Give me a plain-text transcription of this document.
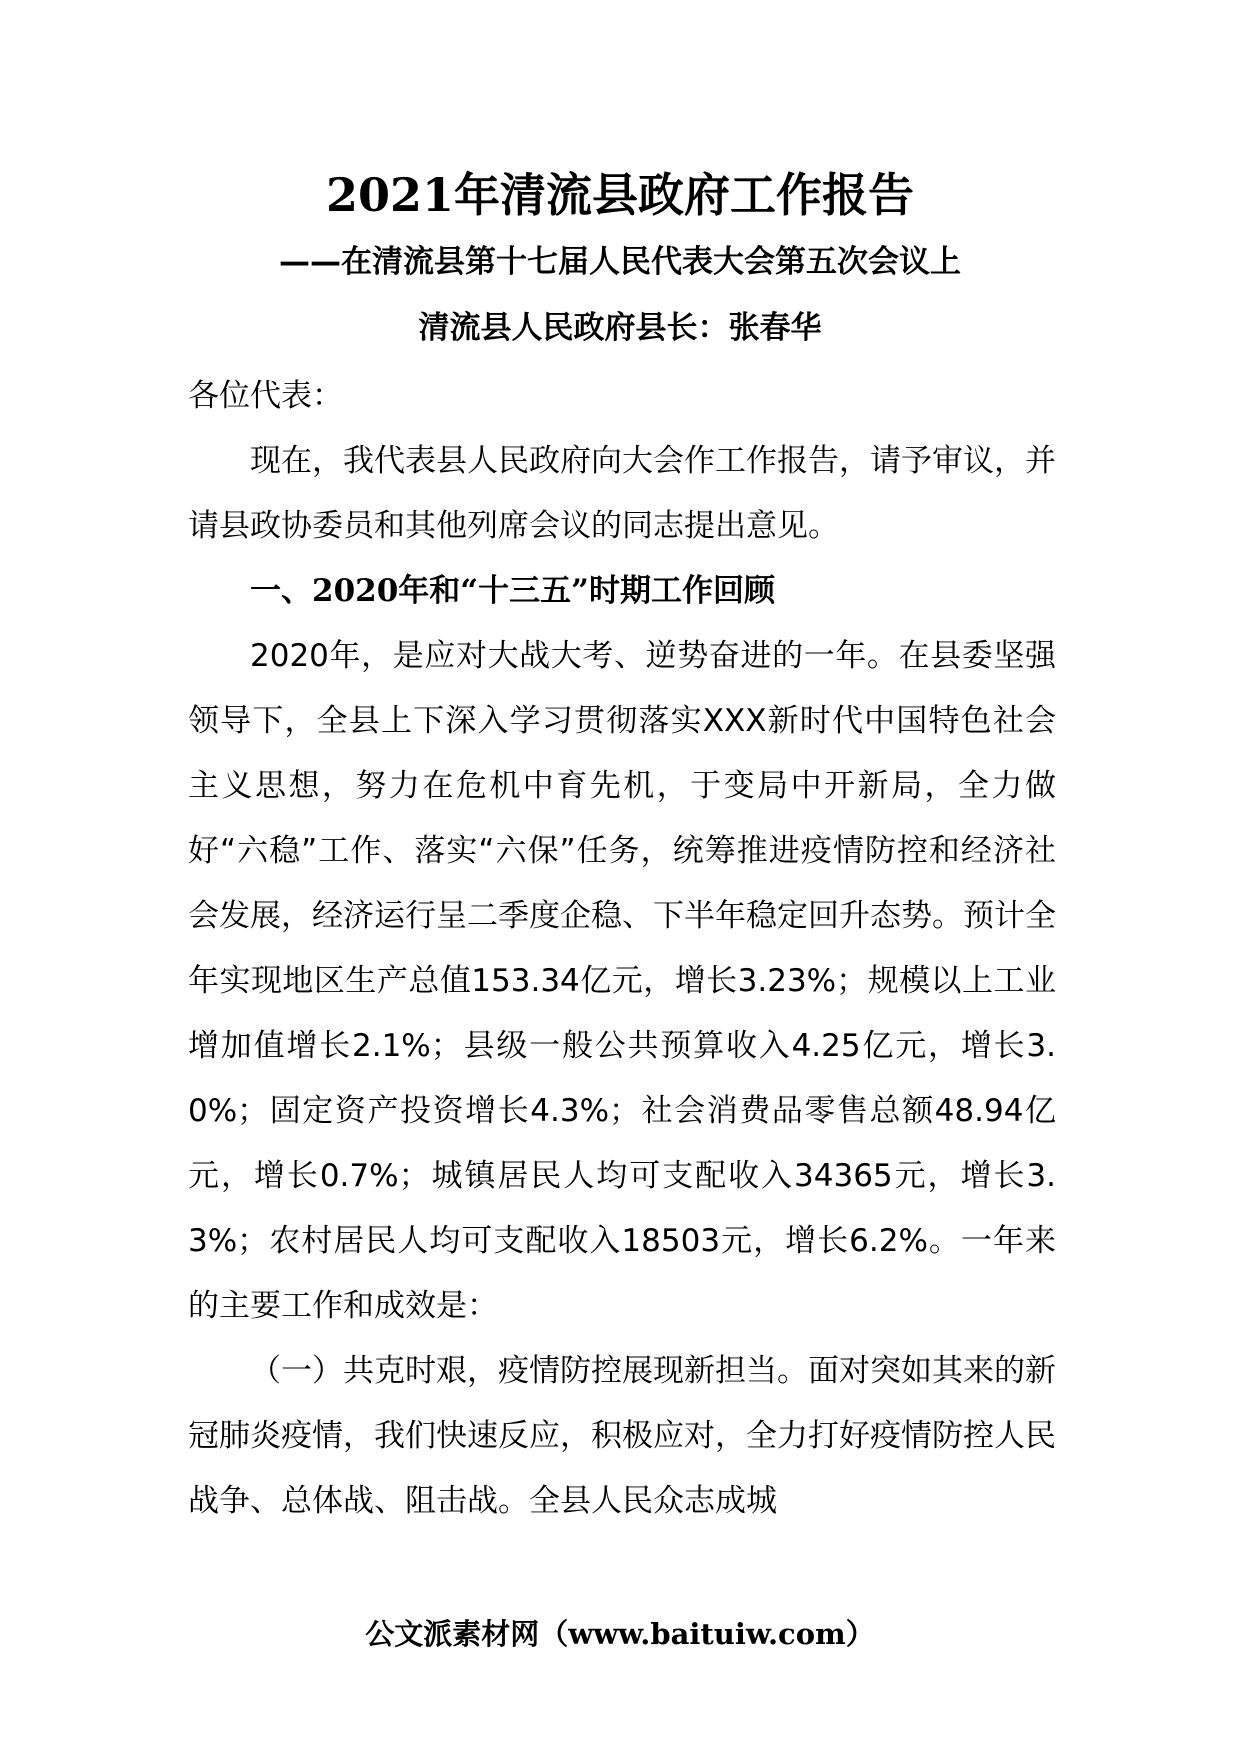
2021年清流县政府工作报告
——在清流县第十七届人民代表大会第五次会议上
清流县人民政府县长：张春华

各位代表：

现在，我代表县人民政府向大会作工作报告，请予审议，并请县政协委员和其他列席会议的同志提出意见。

一、2020年和“十三五”时期工作回顾

2020年，是应对大战大考、逆势奋进的一年。在县委坚强领导下，全县上下深入学习贯彻落实XXX新时代中国特色社会主义思想，努力在危机中育先机，于变局中开新局，全力做好“六稳”工作、落实“六保”任务，统筹推进疫情防控和经济社会发展，经济运行呈二季度企稳、下半年稳定回升态势。预计全年实现地区生产总值153.34亿元，增长3.23%；规模以上工业增加值增长2.1%；县级一般公共预算收入4.25亿元，增长3.0%；固定资产投资增长4.3%；社会消费品零售总额48.94亿元，增长0.7%；城镇居民人均可支配收入34365元，增长3.3%；农村居民人均可支配收入18503元，增长6.2%。一年来的主要工作和成效是：

（一）共克时艰，疫情防控展现新担当。面对突如其来的新冠肺炎疫情，我们快速反应，积极应对，全力打好疫情防控人民战争、总体战、阻击战。全县人民众志成城

公文派素材网（www.baituiw.com）
